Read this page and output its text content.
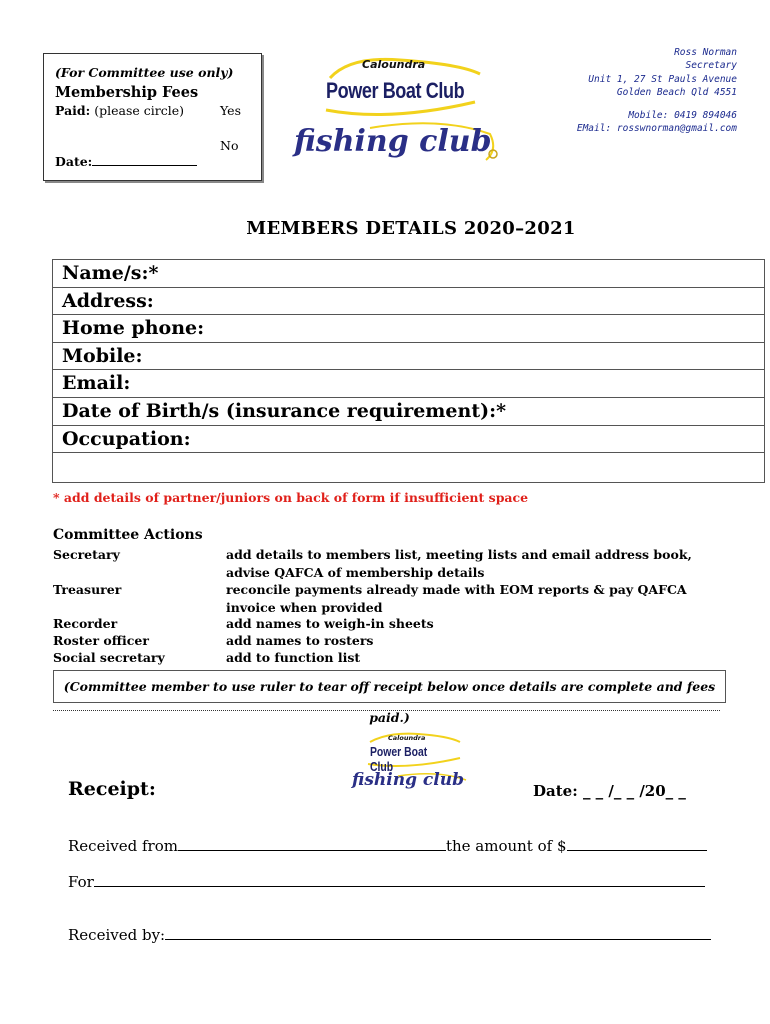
(For Committee use only)
Membership Fees
Paid: (please circle)	Yes
No
Date:
Caloundra
Power Boat Club
fishing club
Ross Norman
Secretary
Unit 1, 27 St Pauls Avenue
Golden Beach Qld 4551
Mobile: 0419 894046
EMail: rosswnorman@gmail.com
MEMBERS DETAILS 2020–2021
Name/s:*
Address:
Home phone:
Mobile:
Email:
Date of Birth/s (insurance requirement):*
Occupation:
* add details of partner/juniors on back of form if insufficient space
Committee Actions
Secretary	add details to members list, meeting lists and email address book, advise QAFCA of membership details
Treasurer	reconcile payments already made with EOM reports & pay QAFCA invoice when provided
Recorder	add names to weigh-in sheets
Roster officer	add names to rosters
Social secretary	add to function list
(Committee member to use ruler to tear off receipt below once details are complete and fees paid.)
Receipt:
Caloundra
Power Boat Club
fishing club
Date: _ _ /_ _ /20_ _
Received from	the amount of $
For
Received by:
